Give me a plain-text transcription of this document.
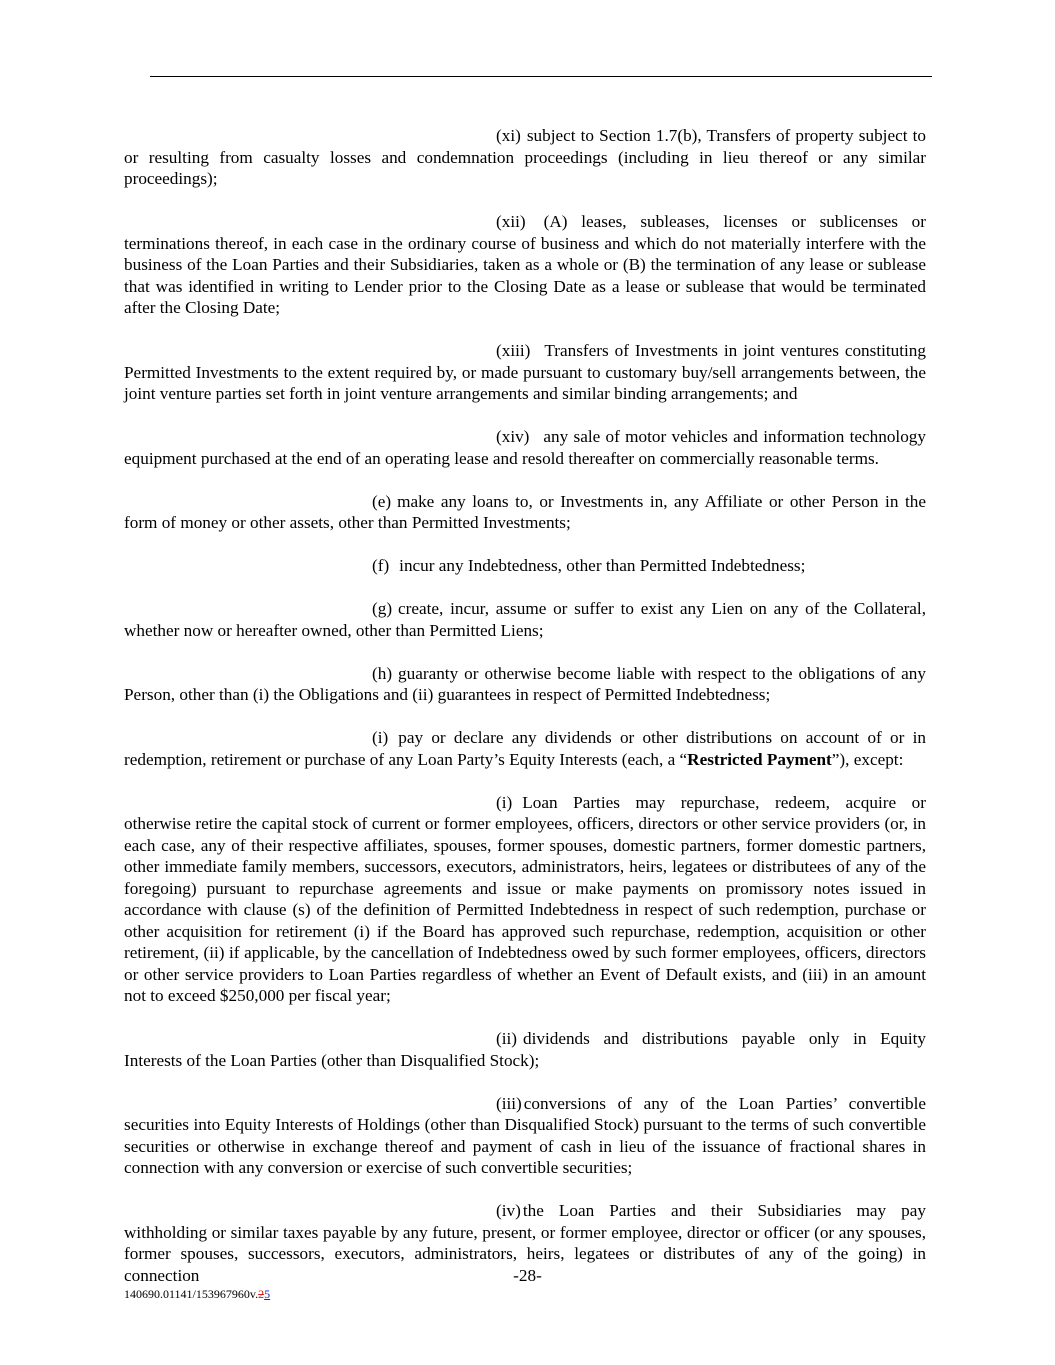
(xi) subject to Section 1.7(b), Transfers of property subject to or resulting from casualty losses and condemnation proceedings (including in lieu thereof or any similar proceedings);

(xii) (A) leases, subleases, licenses or sublicenses or terminations thereof, in each case in the ordinary course of business and which do not materially interfere with the business of the Loan Parties and their Subsidiaries, taken as a whole or (B) the termination of any lease or sublease that was identified in writing to Lender prior to the Closing Date as a lease or sublease that would be terminated after the Closing Date;

(xiii) Transfers of Investments in joint ventures constituting Permitted Investments to the extent required by, or made pursuant to customary buy/sell arrangements between, the joint venture parties set forth in joint venture arrangements and similar binding arrangements; and

(xiv) any sale of motor vehicles and information technology equipment purchased at the end of an operating lease and resold thereafter on commercially reasonable terms.

(e) make any loans to, or Investments in, any Affiliate or other Person in the form of money or other assets, other than Permitted Investments;

(f) incur any Indebtedness, other than Permitted Indebtedness;

(g) create, incur, assume or suffer to exist any Lien on any of the Collateral, whether now or hereafter owned, other than Permitted Liens;

(h) guaranty or otherwise become liable with respect to the obligations of any Person, other than (i) the Obligations and (ii) guarantees in respect of Permitted Indebtedness;

(i) pay or declare any dividends or other distributions on account of or in redemption, retirement or purchase of any Loan Party’s Equity Interests (each, a “Restricted Payment”), except:

(i) Loan Parties may repurchase, redeem, acquire or otherwise retire the capital stock of current or former employees, officers, directors or other service providers (or, in each case, any of their respective affiliates, spouses, former spouses, domestic partners, former domestic partners, other immediate family members, successors, executors, administrators, heirs, legatees or distributees of any of the foregoing) pursuant to repurchase agreements and issue or make payments on promissory notes issued in accordance with clause (s) of the definition of Permitted Indebtedness in respect of such redemption, purchase or other acquisition for retirement (i) if the Board has approved such repurchase, redemption, acquisition or other retirement, (ii) if applicable, by the cancellation of Indebtedness owed by such former employees, officers, directors or other service providers to Loan Parties regardless of whether an Event of Default exists, and (iii) in an amount not to exceed $250,000 per fiscal year;

(ii) dividends and distributions payable only in Equity Interests of the Loan Parties (other than Disqualified Stock);

(iii) conversions of any of the Loan Parties’ convertible securities into Equity Interests of Holdings (other than Disqualified Stock) pursuant to the terms of such convertible securities or otherwise in exchange thereof and payment of cash in lieu of the issuance of fractional shares in connection with any conversion or exercise of such convertible securities;

(iv) the Loan Parties and their Subsidiaries may pay withholding or similar taxes payable by any future, present, or former employee, director or officer (or any spouses, former spouses, successors, executors, administrators, heirs, legatees or distributes of any of the going) in connection	-28-
140690.01141/153967960v.25
